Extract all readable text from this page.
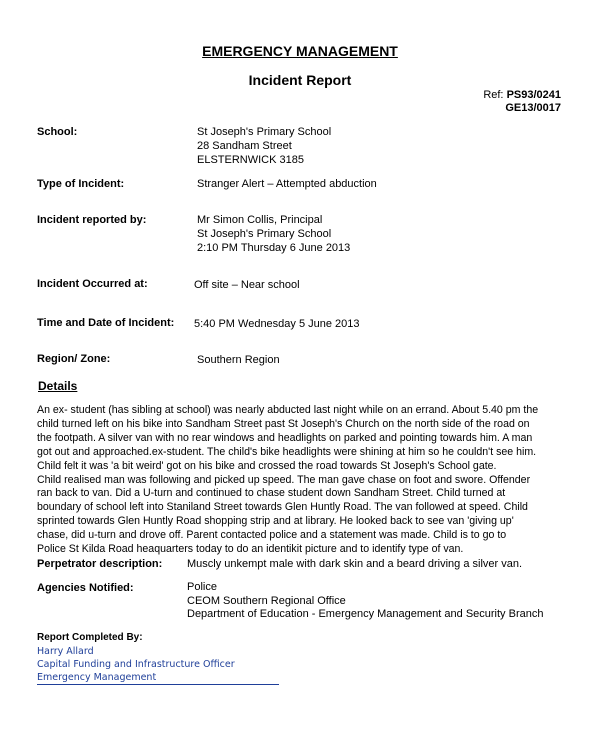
EMERGENCY MANAGEMENT
Incident Report
Ref: PS93/0241
GE13/0017
School:	St Joseph's Primary School
28 Sandham Street
ELSTERNWICK 3185
Type of Incident:	Stranger Alert – Attempted abduction
Incident reported by:	Mr Simon Collis, Principal
St Joseph's Primary School
2:10 PM Thursday 6 June 2013
Incident Occurred at:	Off site – Near school
Time and Date of Incident: 5:40 PM Wednesday 5 June 2013
Region/ Zone:	Southern Region
Details
An ex- student (has sibling at school) was nearly abducted last night while on an errand. About 5.40 pm the
child turned left on his bike into Sandham Street past St Joseph's Church on the north side of the road on
the footpath. A silver van with no rear windows and headlights on parked and pointing towards him. A man
got out and approached.ex-student. The child's bike headlights were shining at him so he couldn't see him.
Child felt it was 'a bit weird' got on his bike and crossed the road towards St Joseph's School gate.
Child realised man was following and picked up speed. The man gave chase on foot and swore. Offender
ran back to van. Did a U-turn and continued to chase student down Sandham Street. Child turned at
boundary of school left into Staniland Street towards Glen Huntly Road. The van followed at speed. Child
sprinted towards Glen Huntly Road shopping strip and at library. He looked back to see van 'giving up'
chase, did u-turn and drove off. Parent contacted police and a statement was made. Child is to go to
Police St Kilda Road heaquarters today to do an identikit picture and to identify type of van.
Perpetrator description: Muscly unkempt male with dark skin and a beard driving a silver van.
Agencies Notified:	Police
CEOM Southern Regional Office
Department of Education - Emergency Management and Security Branch
Report Completed By:
Harry Allard
Capital Funding and Infrastructure Officer
Emergency Management
